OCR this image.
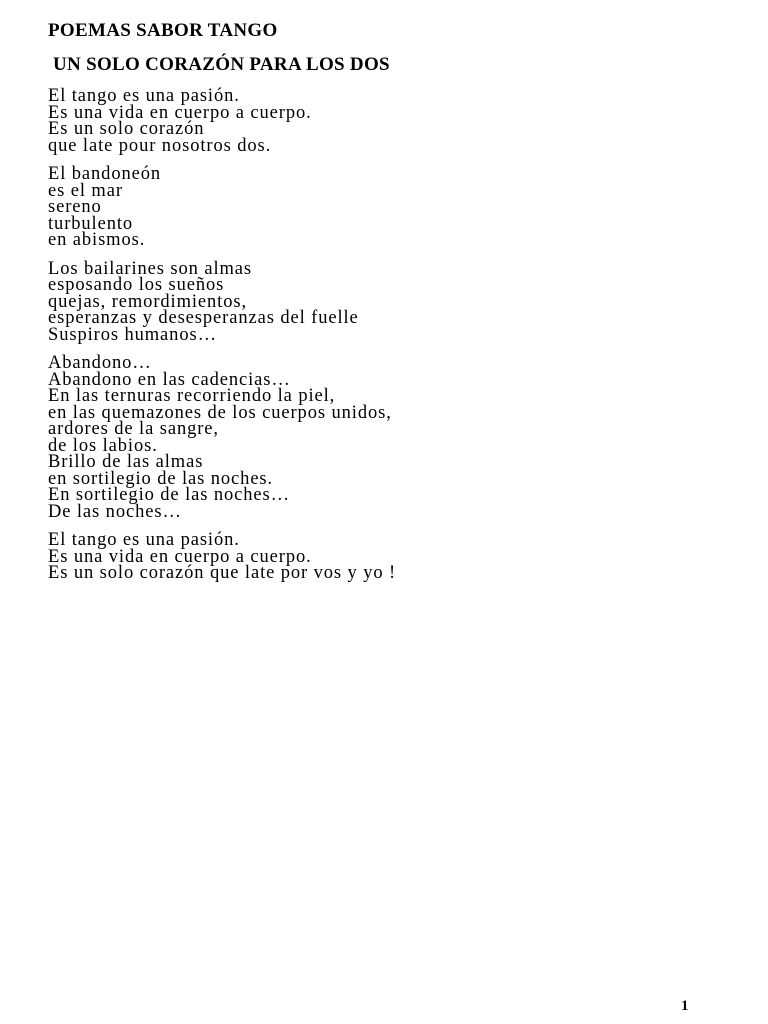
POEMAS SABOR TANGO
UN SOLO CORAZÓN PARA LOS DOS
El tango es una pasión.
Es una vida en cuerpo a cuerpo.
Es un solo corazón
que late pour nosotros dos.
El bandoneón
es el mar
sereno
turbulento
en abismos.
Los bailarines son almas
esposando los sueños
quejas, remordimientos,
esperanzas y desesperanzas del fuelle
Suspiros humanos…
Abandono…
Abandono en las cadencias…
En las ternuras recorriendo la piel,
en las quemazones de los cuerpos unidos,
ardores de la sangre,
de los labios.
Brillo de las almas
en sortilegio de las noches.
En sortilegio de las noches…
De las noches…
El tango es una pasión.
Es una vida en cuerpo a cuerpo.
Es un solo corazón que late por vos y yo !
1
